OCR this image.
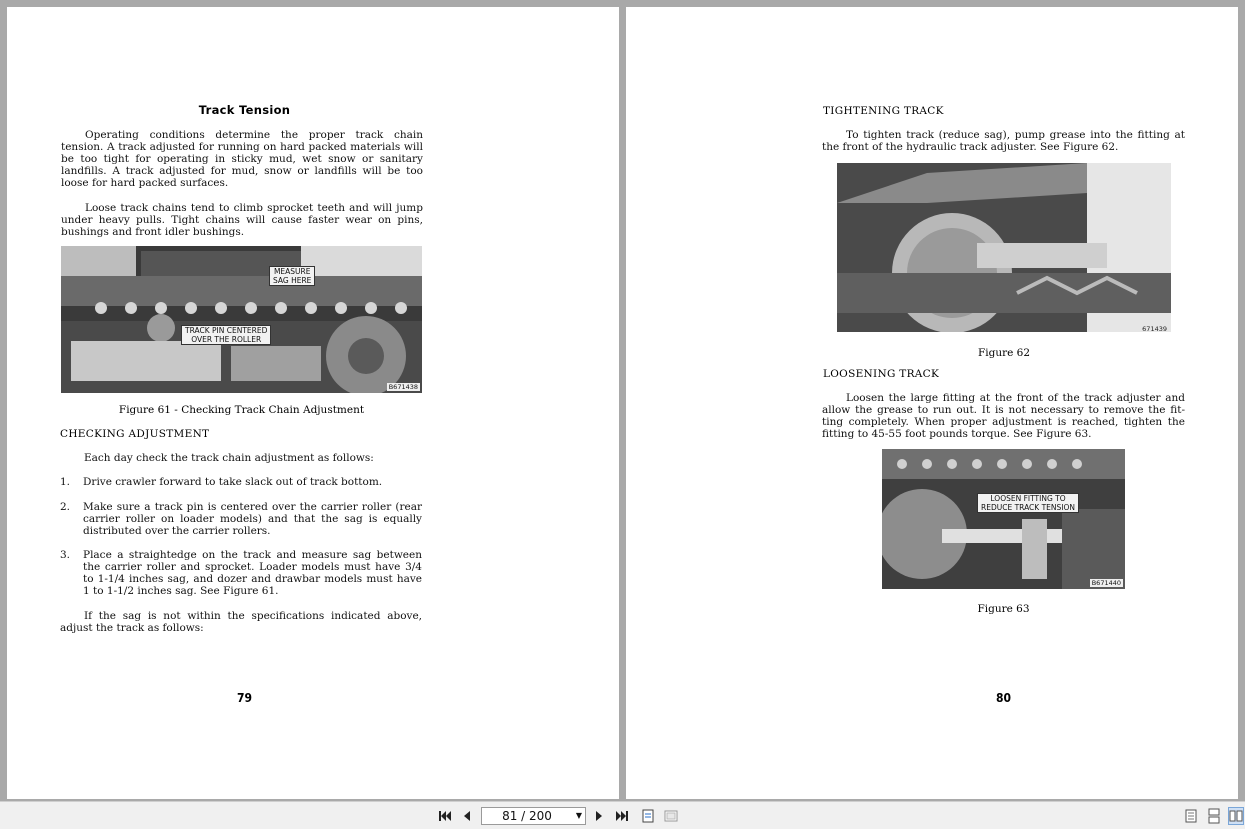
Track Tension
Operating conditions determine the proper track chain tension. A track adjusted for running on hard packed materials will be too tight for operating in sticky mud, wet snow or sanitary landfills. A track adjusted for mud, snow or landfills will be too loose for hard packed surfaces.
Loose track chains tend to climb sprocket teeth and will jump under heavy pulls. Tight chains will cause faster wear on pins, bushings and front idler bushings.
MEASURE
SAG HERE
TRACK PIN CENTERED
OVER THE ROLLER
B671438
Figure 61 - Checking Track Chain Adjustment
CHECKING ADJUSTMENT
Each day check the track chain adjustment as follows:
1.	Drive crawler forward to take slack out of track bottom.
2.	Make sure a track pin is centered over the carrier roller (rear carrier roller on loader models) and that the sag is equally distributed over the carrier rollers.
3.	Place a straightedge on the track and measure sag between the carrier roller and sprocket. Loader models must have 3/4 to 1-1/4 inches sag, and dozer and drawbar models must have 1 to 1-1/2 inches sag. See Figure 61.
If the sag is not within the specifications indicated above, adjust the track as follows:
79
TIGHTENING TRACK
To tighten track (reduce sag), pump grease into the fitting at the front of the hydraulic track adjuster. See Figure 62.
671439
Figure 62
LOOSENING TRACK
Loosen the large fitting at the front of the track adjuster and allow the grease to run out. It is not necessary to remove the fit-ting completely. When proper adjustment is reached, tighten the fitting to 45-55 foot pounds torque. See Figure 63.
LOOSEN FITTING TO
REDUCE TRACK TENSION
B671440
Figure 63
80
81 / 200	▼
